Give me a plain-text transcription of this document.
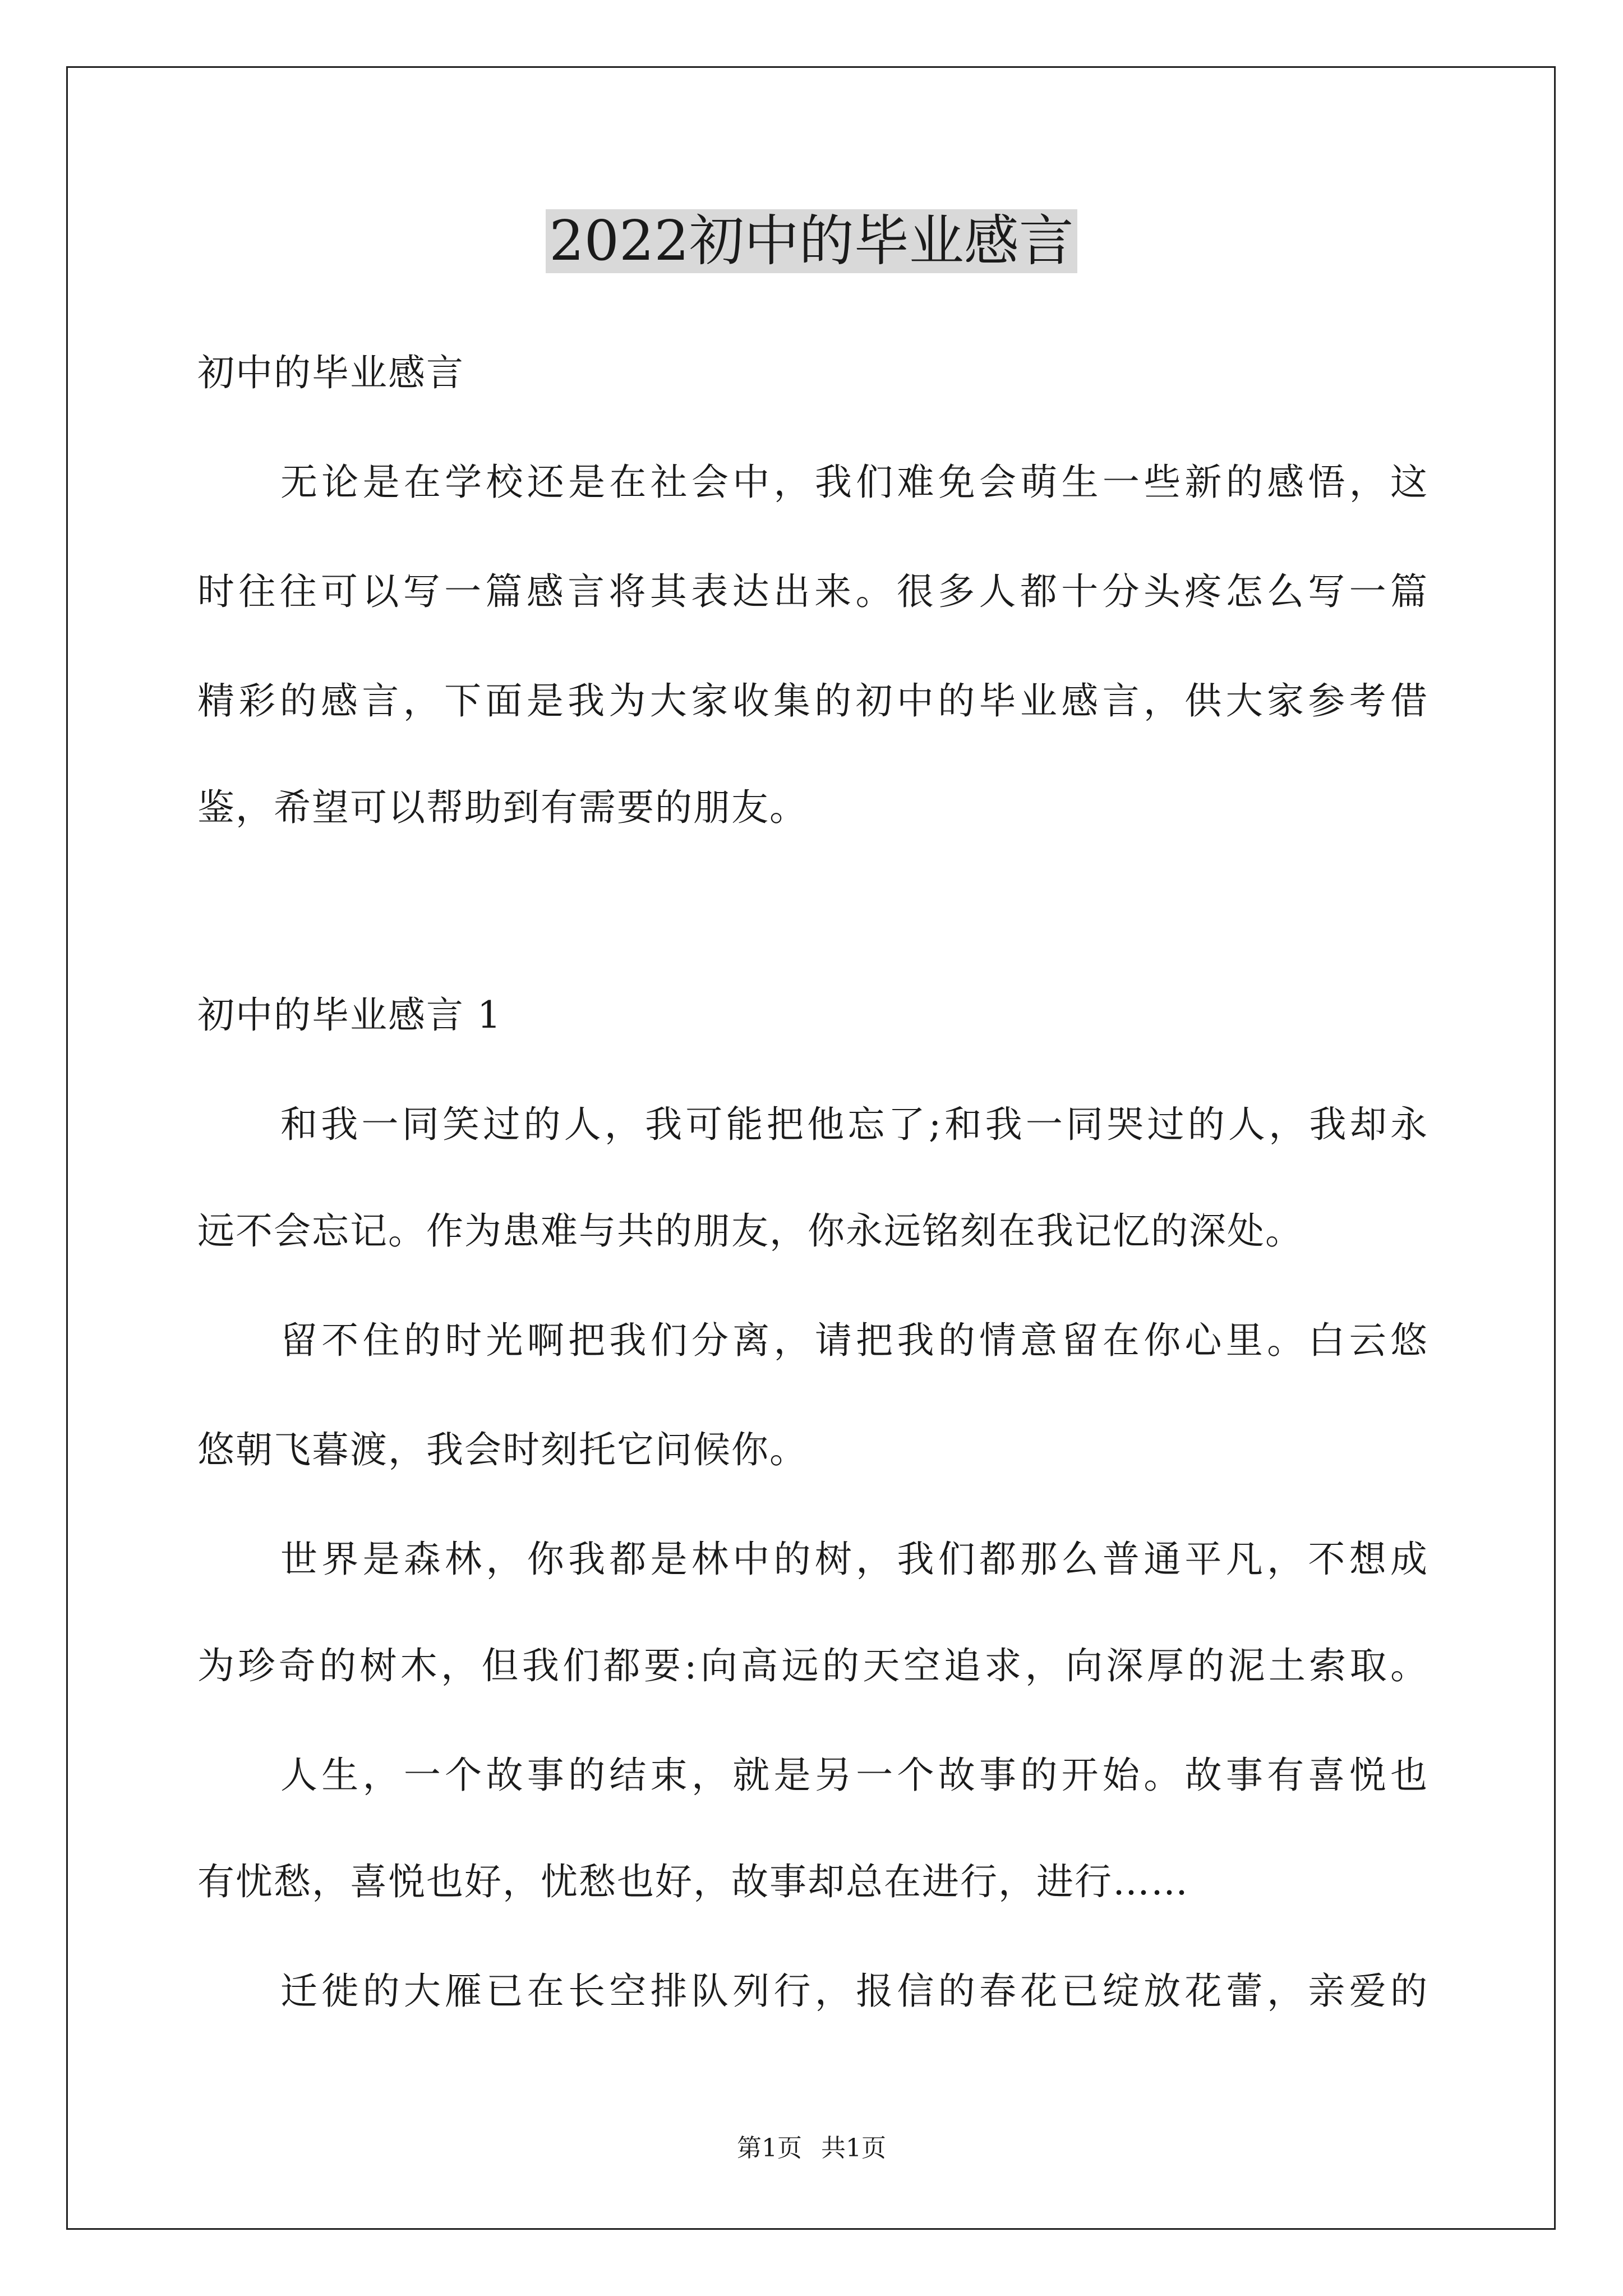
2022初中的毕业感言
初中的毕业感言
无论是在学校还是在社会中，我们难免会萌生一些新的感悟，这
时往往可以写一篇感言将其表达出来。很多人都十分头疼怎么写一篇
精彩的感言，下面是我为大家收集的初中的毕业感言，供大家参考借
鉴，希望可以帮助到有需要的朋友。
初中的毕业感言 1
和我一同笑过的人，我可能把他忘了;和我一同哭过的人，我却永
远不会忘记。作为患难与共的朋友，你永远铭刻在我记忆的深处。
留不住的时光啊把我们分离，请把我的情意留在你心里。白云悠
悠朝飞暮渡，我会时刻托它问候你。
世界是森林，你我都是林中的树，我们都那么普通平凡，不想成
为珍奇的树木，但我们都要:向高远的天空追求，向深厚的泥土索取。
人生，一个故事的结束，就是另一个故事的开始。故事有喜悦也
有忧愁，喜悦也好，忧愁也好，故事却总在进行，进行……
迁徙的大雁已在长空排队列行，报信的春花已绽放花蕾，亲爱的
第1页 共1页
